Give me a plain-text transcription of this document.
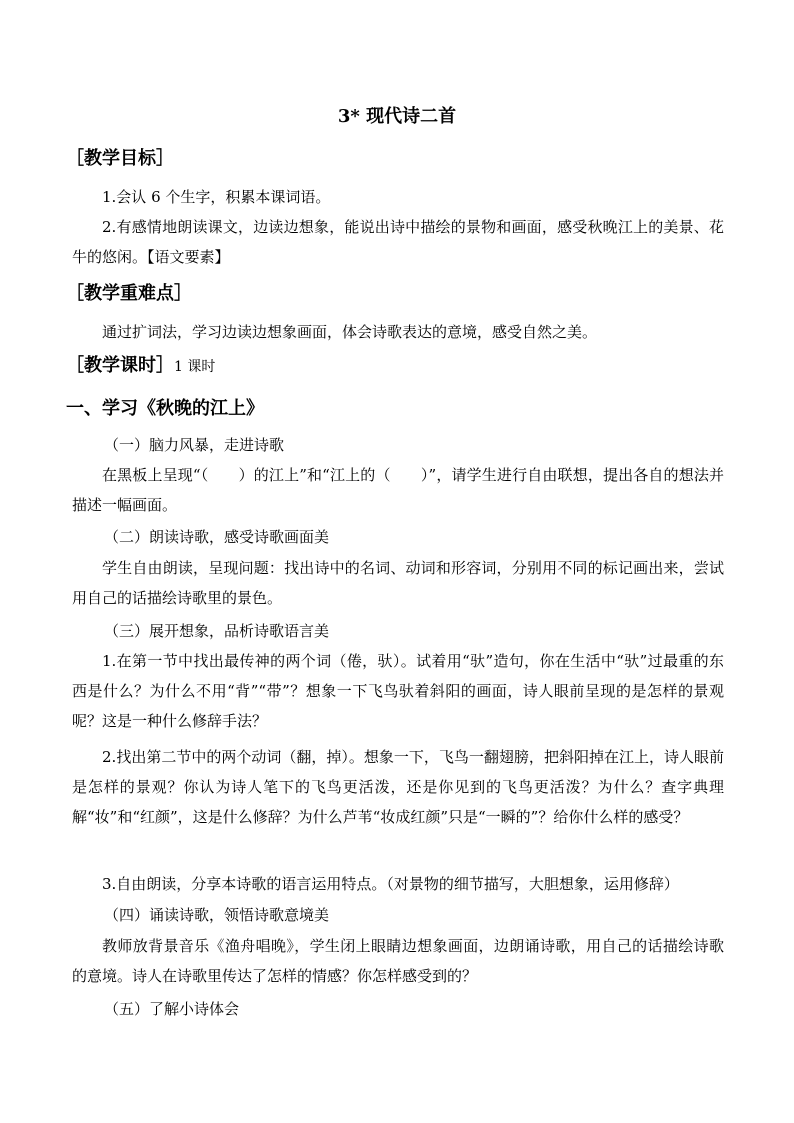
3* 现代诗二首
［教学目标］
1.会认 6 个生字，积累本课词语。
2.有感情地朗读课文，边读边想象，能说出诗中描绘的景物和画面，感受秋晚江上的美景、花牛的悠闲。【语文要素】
［教学重难点］
通过扩词法，学习边读边想象画面，体会诗歌表达的意境，感受自然之美。
［教学课时］1 课时
一、学习《秋晚的江上》
（一）脑力风暴，走进诗歌
在黑板上呈现“（　　）的江上”和“江上的（　　）”，请学生进行自由联想，提出各自的想法并描述一幅画面。
（二）朗读诗歌，感受诗歌画面美
学生自由朗读，呈现问题：找出诗中的名词、动词和形容词，分别用不同的标记画出来，尝试用自己的话描绘诗歌里的景色。
（三）展开想象，品析诗歌语言美
1.在第一节中找出最传神的两个词（倦，驮）。试着用“驮”造句，你在生活中“驮”过最重的东西是什么？为什么不用“背”“带”？想象一下飞鸟驮着斜阳的画面，诗人眼前呈现的是怎样的景观呢？这是一种什么修辞手法？
2.找出第二节中的两个动词（翻，掉）。想象一下，飞鸟一翻翅膀，把斜阳掉在江上，诗人眼前是怎样的景观？你认为诗人笔下的飞鸟更活泼，还是你见到的飞鸟更活泼？为什么？查字典理解“妆”和“红颜”，这是什么修辞？为什么芦苇“妆成红颜”只是“一瞬的”？给你什么样的感受？
3.自由朗读，分享本诗歌的语言运用特点。（对景物的细节描写，大胆想象，运用修辞）
（四）诵读诗歌，领悟诗歌意境美
教师放背景音乐《渔舟唱晚》，学生闭上眼睛边想象画面，边朗诵诗歌，用自己的话描绘诗歌的意境。诗人在诗歌里传达了怎样的情感？你怎样感受到的？
（五）了解小诗体会
